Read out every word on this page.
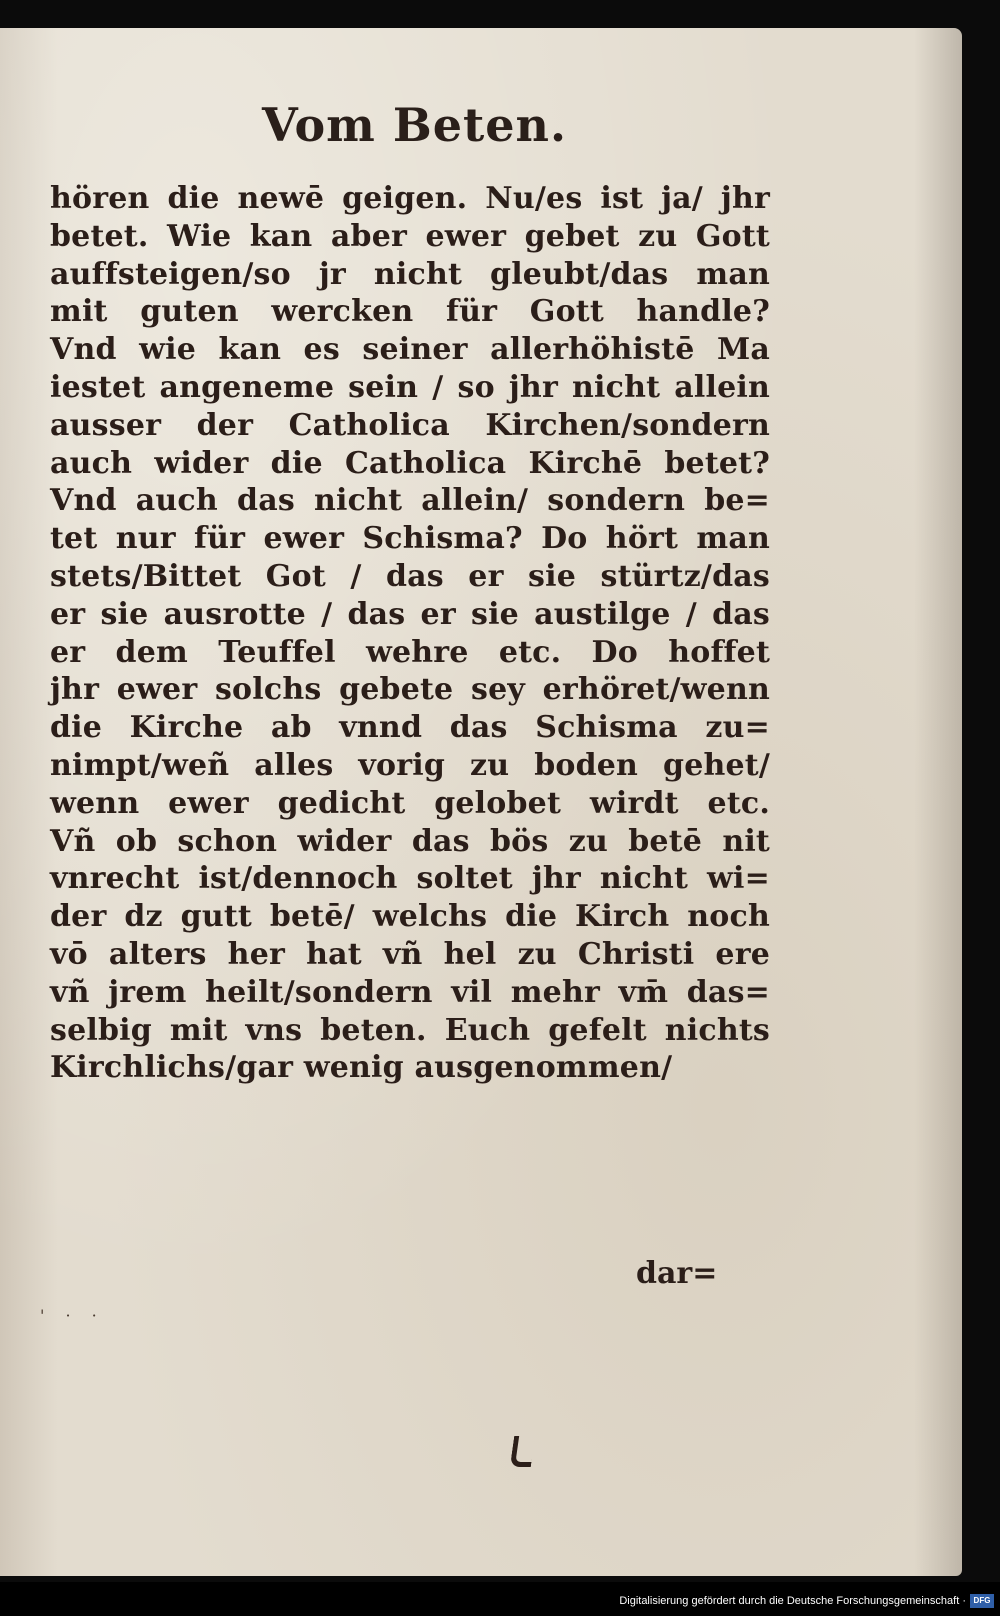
Vom Beten.
hören die newē geigen. Nu/es ist ja/ jhr
betet. Wie kan aber ewer gebet zu Gott
auffsteigen/so jr nicht gleubt/das man
mit guten wercken für Gott handle?
Vnd wie kan es seiner allerhöhistē Ma
iestet angeneme sein / so jhr nicht allein
ausser der Catholica Kirchen/sondern
auch wider die Catholica Kirchē betet?
Vnd auch das nicht allein/ sondern be=
tet nur für ewer Schisma? Do hört man
stets/Bittet Got / das er sie stürtz/das
er sie ausrotte / das er sie austilge / das
er dem Teuffel wehre etc. Do hoffet
jhr ewer solchs gebete sey erhöret/wenn
die Kirche ab vnnd das Schisma zu=
nimpt/weñ alles vorig zu boden gehet/
wenn ewer gedicht gelobet wirdt etc.
Vñ ob schon wider das bös zu betē nit
vnrecht ist/dennoch soltet jhr nicht wi=
der dz gutt betē/ welchs die Kirch noch
vō alters her hat vñ hel zu Christi ere
vñ jrem heilt/sondern vil mehr vm̄ das=
selbig mit vns beten. Euch gefelt nichts
Kirchlichs/gar wenig ausgenommen/
dar=
' · ·
Digitalisierung gefördert durch die Deutsche Forschungsgemeinschaft · DFG
